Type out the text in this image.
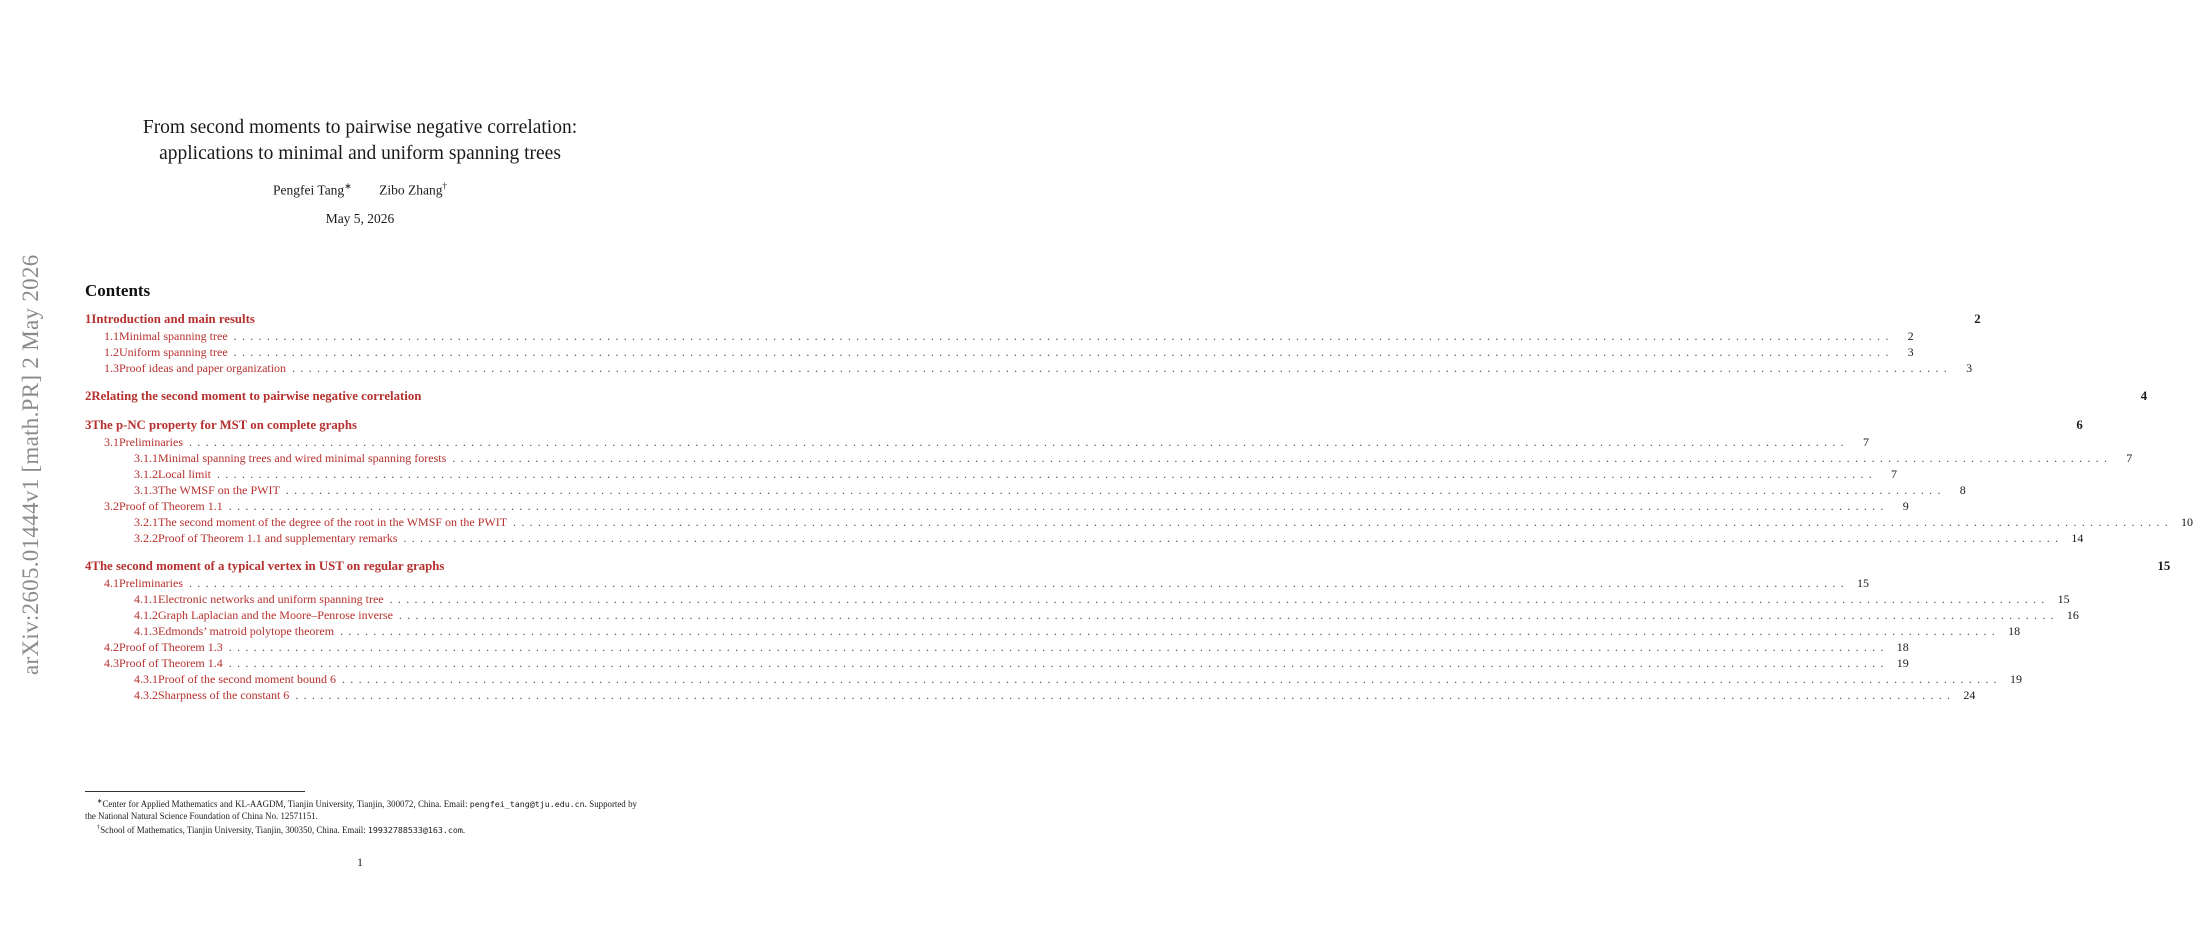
arXiv:2605.01444v1 [math.PR] 2 May 2026
From second moments to pairwise negative correlation:
applications to minimal and uniform spanning trees
Pengfei Tang∗ Zibo Zhang†
May 5, 2026
Contents
1 Introduction and main results	2
1.1 Minimal spanning tree ........................................................................................................................................................................................................	2
1.2 Uniform spanning tree ........................................................................................................................................................................................................	3
1.3 Proof ideas and paper organization ........................................................................................................................................................................................................	3
2 Relating the second moment to pairwise negative correlation	4
3 The p-NC property for MST on complete graphs	6
3.1 Preliminaries ........................................................................................................................................................................................................	7
3.1.1 Minimal spanning trees and wired minimal spanning forests ........................................................................................................................................................................................................	7
3.1.2 Local limit ........................................................................................................................................................................................................	7
3.1.3 The WMSF on the PWIT ........................................................................................................................................................................................................	8
3.2 Proof of Theorem 1.1 ........................................................................................................................................................................................................	9
3.2.1 The second moment of the degree of the root in the WMSF on the PWIT ........................................................................................................................................................................................................ 10
3.2.2 Proof of Theorem 1.1 and supplementary remarks ........................................................................................................................................................................................................ 14
4 The second moment of a typical vertex in UST on regular graphs	15
4.1 Preliminaries ........................................................................................................................................................................................................ 15
4.1.1 Electronic networks and uniform spanning tree ........................................................................................................................................................................................................ 15
4.1.2 Graph Laplacian and the Moore–Penrose inverse ........................................................................................................................................................................................................ 16
4.1.3 Edmonds’ matroid polytope theorem ........................................................................................................................................................................................................ 18
4.2 Proof of Theorem 1.3 ........................................................................................................................................................................................................ 18
4.3 Proof of Theorem 1.4 ........................................................................................................................................................................................................ 19
4.3.1 Proof of the second moment bound 6 ........................................................................................................................................................................................................ 19
4.3.2 Sharpness of the constant 6 ........................................................................................................................................................................................................ 24
∗Center for Applied Mathematics and KL-AAGDM, Tianjin University, Tianjin, 300072, China. Email: pengfei_tang@tju.edu.cn. Supported by the National Natural Science Foundation of China No. 12571151.
†School of Mathematics, Tianjin University, Tianjin, 300350, China. Email: 19932788533@163.com.
1
